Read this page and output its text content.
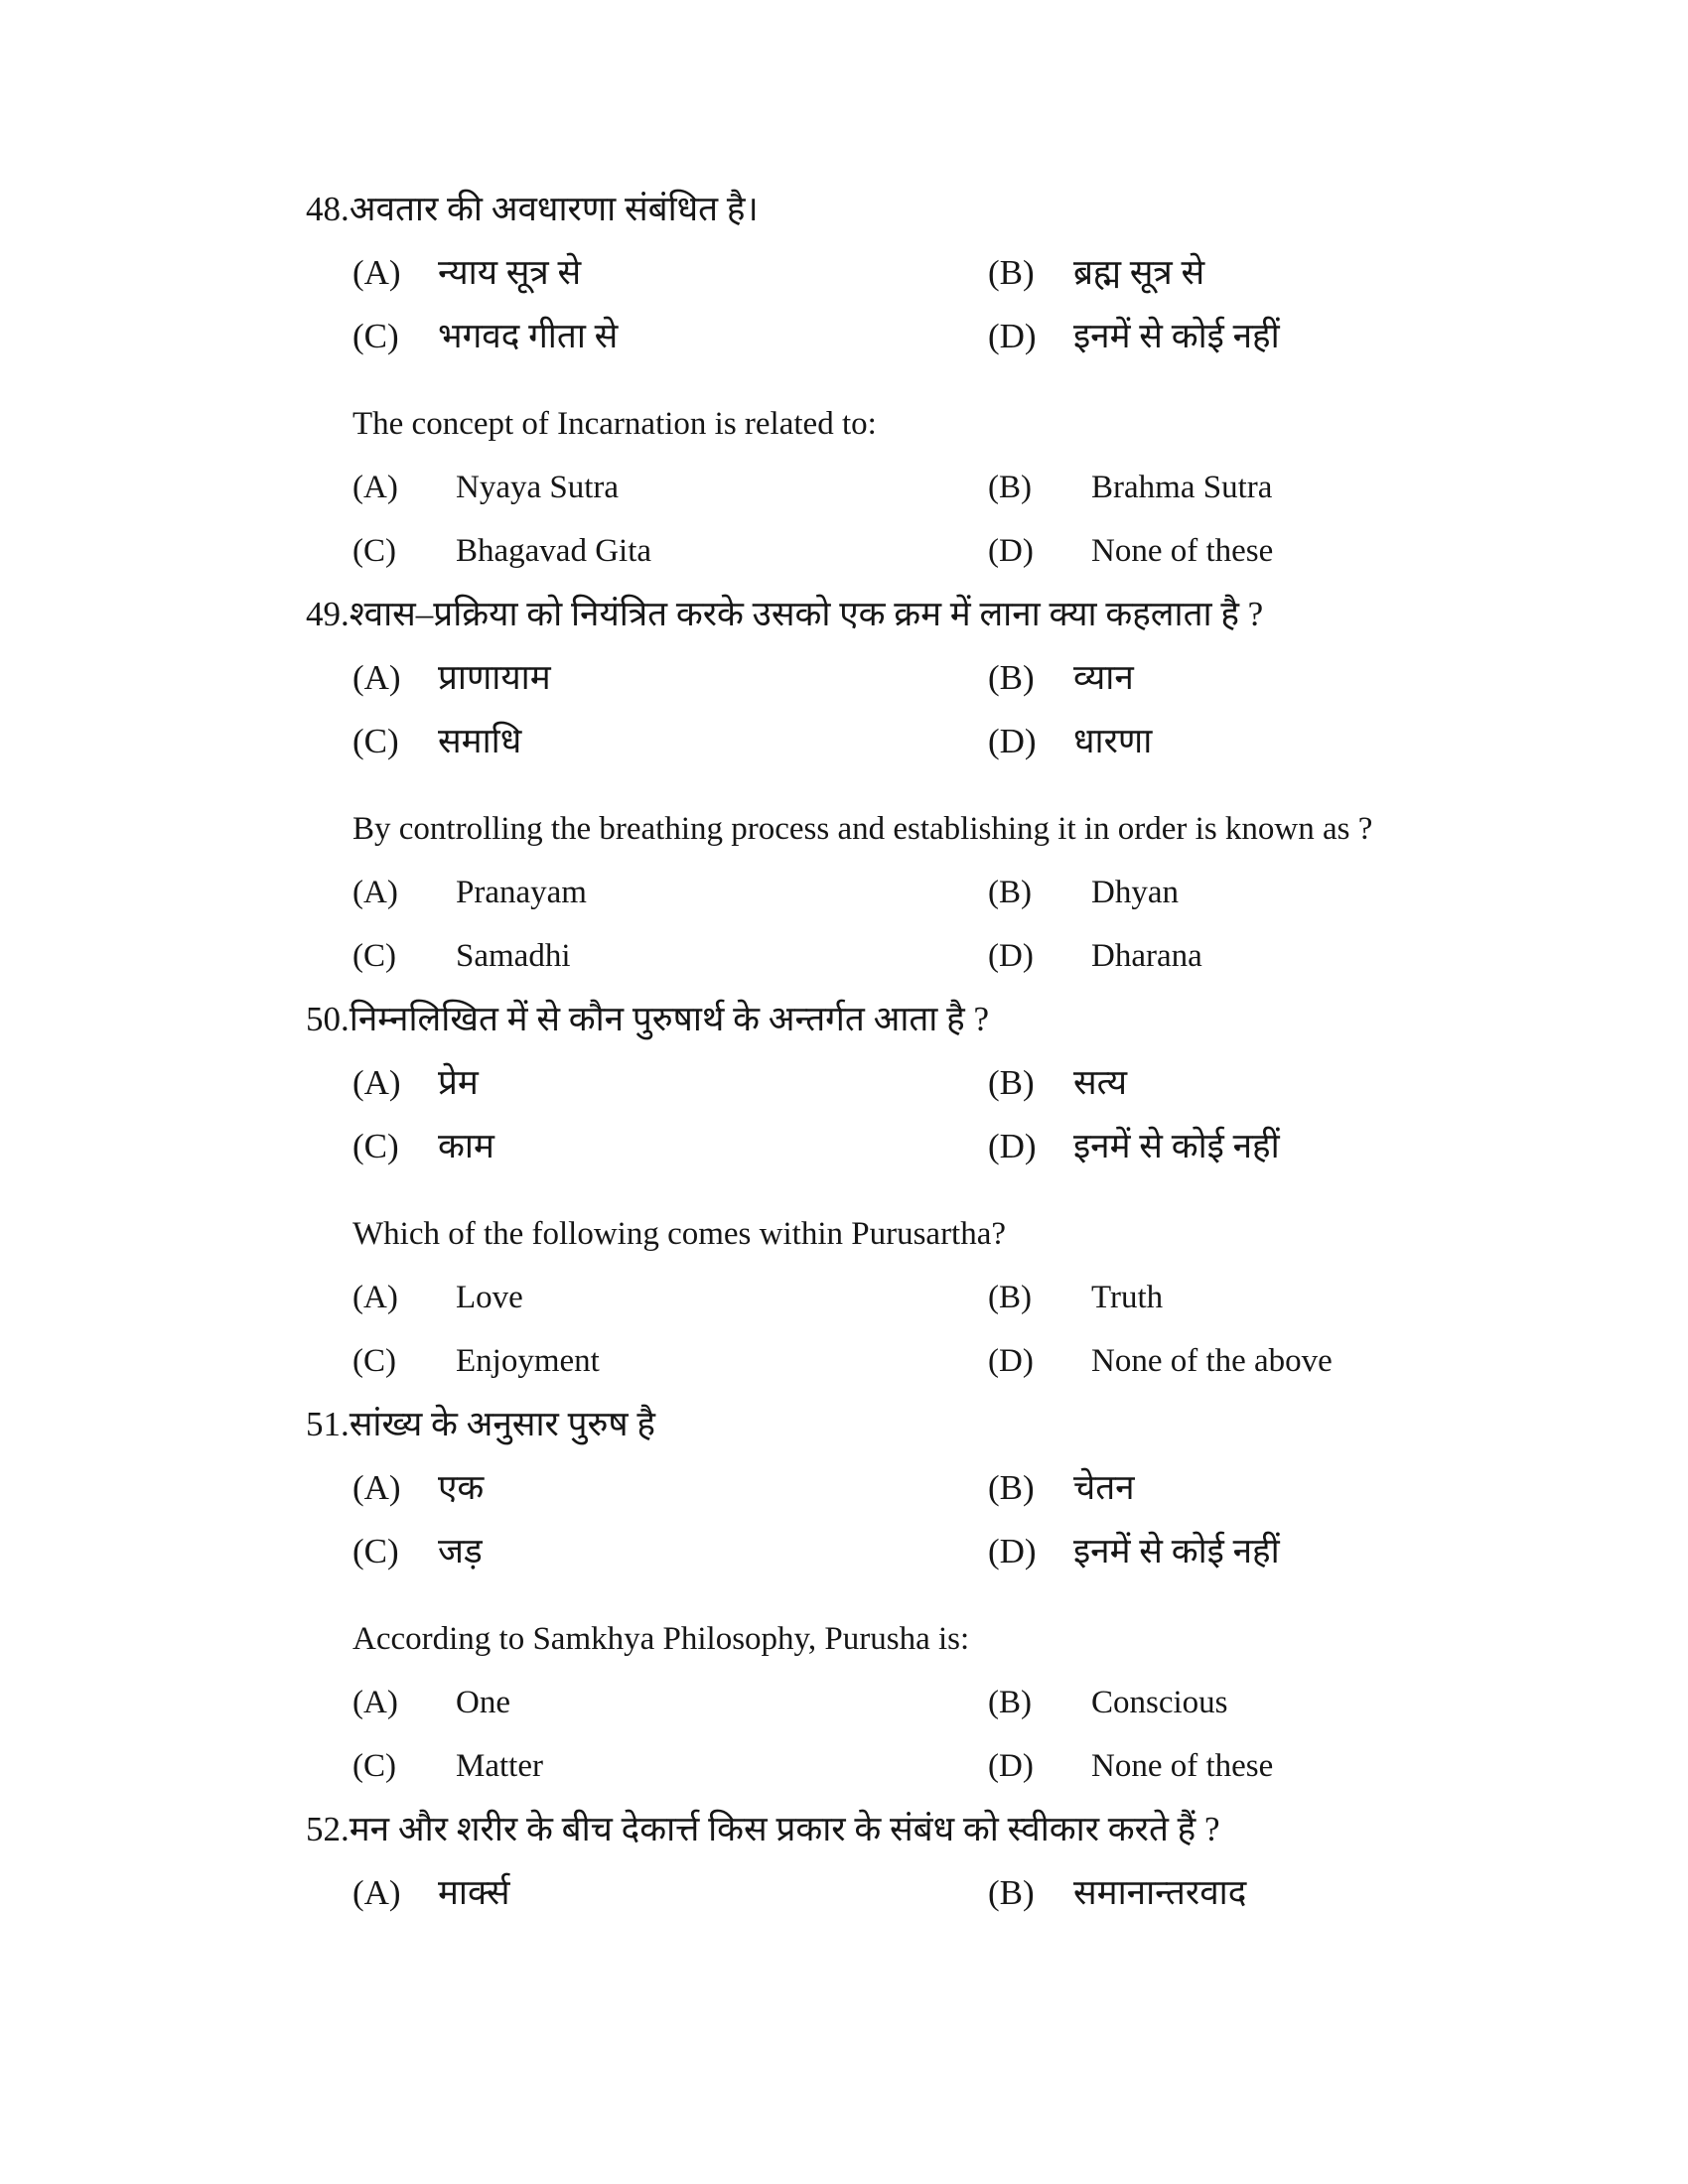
48.अवतार की अवधारणा संबंधित है।
(A)	न्याय सूत्र से	(B)	ब्रह्म सूत्र से
(C)	भगवद गीता से	(D)	इनमें से कोई नहीं
The concept of Incarnation is related to:
(A)	Nyaya Sutra	(B)	Brahma Sutra
(C)	Bhagavad Gita	(D)	None of these
49.श्वास–प्रक्रिया को नियंत्रित करके उसको एक क्रम में लाना क्या कहलाता है ?
(A)	प्राणायाम	(B)	व्यान
(C)	समाधि	(D)	धारणा
By controlling the breathing process and establishing it in order is known as ?
(A)	Pranayam	(B)	Dhyan
(C)	Samadhi	(D)	Dharana
50.निम्नलिखित में से कौन पुरुषार्थ के अन्तर्गत आता है ?
(A)	प्रेम	(B)	सत्य
(C)	काम	(D)	इनमें से कोई नहीं
Which of the following comes within Purusartha?
(A)	Love	(B)	Truth
(C)	Enjoyment	(D)	None of the above
51.सांख्य के अनुसार पुरुष है
(A)	एक	(B)	चेतन
(C)	जड़	(D)	इनमें से कोई नहीं
According to Samkhya Philosophy, Purusha is:
(A)	One	(B)	Conscious
(C)	Matter	(D)	None of these
52.मन और शरीर के बीच देकार्त्त किस प्रकार के संबंध को स्वीकार करते हैं ?
(A)	मार्क्स	(B)	समानान्तरवाद
